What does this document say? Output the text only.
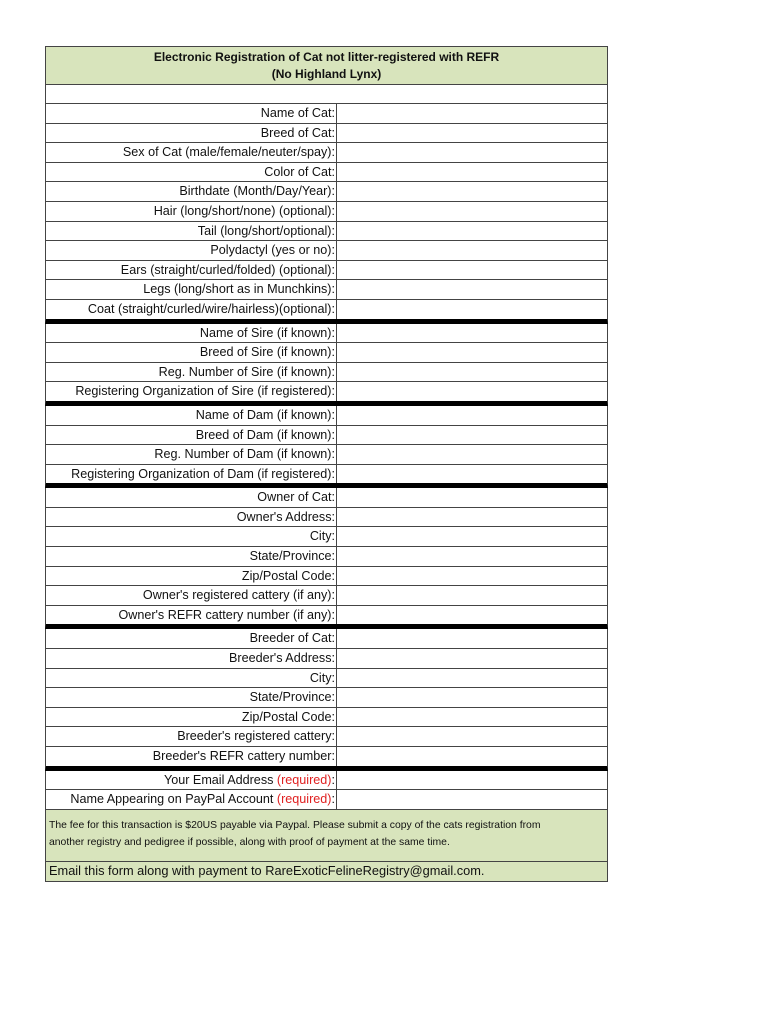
Electronic Registration of Cat not litter-registered with REFR
(No Highland Lynx)
Name of Cat:
Breed of Cat:
Sex of Cat (male/female/neuter/spay):
Color of Cat:
Birthdate (Month/Day/Year):
Hair (long/short/none) (optional):
Tail (long/short/optional):
Polydactyl (yes or no):
Ears (straight/curled/folded) (optional):
Legs (long/short as in Munchkins):
Coat (straight/curled/wire/hairless)(optional):
Name of Sire (if known):
Breed of Sire (if known):
Reg. Number of Sire (if known):
Registering Organization of Sire (if registered):
Name of Dam (if known):
Breed of Dam (if known):
Reg. Number of Dam (if known):
Registering Organization of Dam (if registered):
Owner of Cat:
Owner's Address:
City:
State/Province:
Zip/Postal Code:
Owner's registered cattery (if any):
Owner's REFR cattery number (if any):
Breeder of Cat:
Breeder's Address:
City:
State/Province:
Zip/Postal Code:
Breeder's registered cattery:
Breeder's REFR cattery number:
Your Email Address (required):
Name Appearing on PayPal Account (required):
The fee for this transaction is $20US payable via Paypal. Please submit a copy of the cats registration from
another registry and pedigree if possible, along with proof of payment at the same time.
Email this form along with payment to RareExoticFelineRegistry@gmail.com.
